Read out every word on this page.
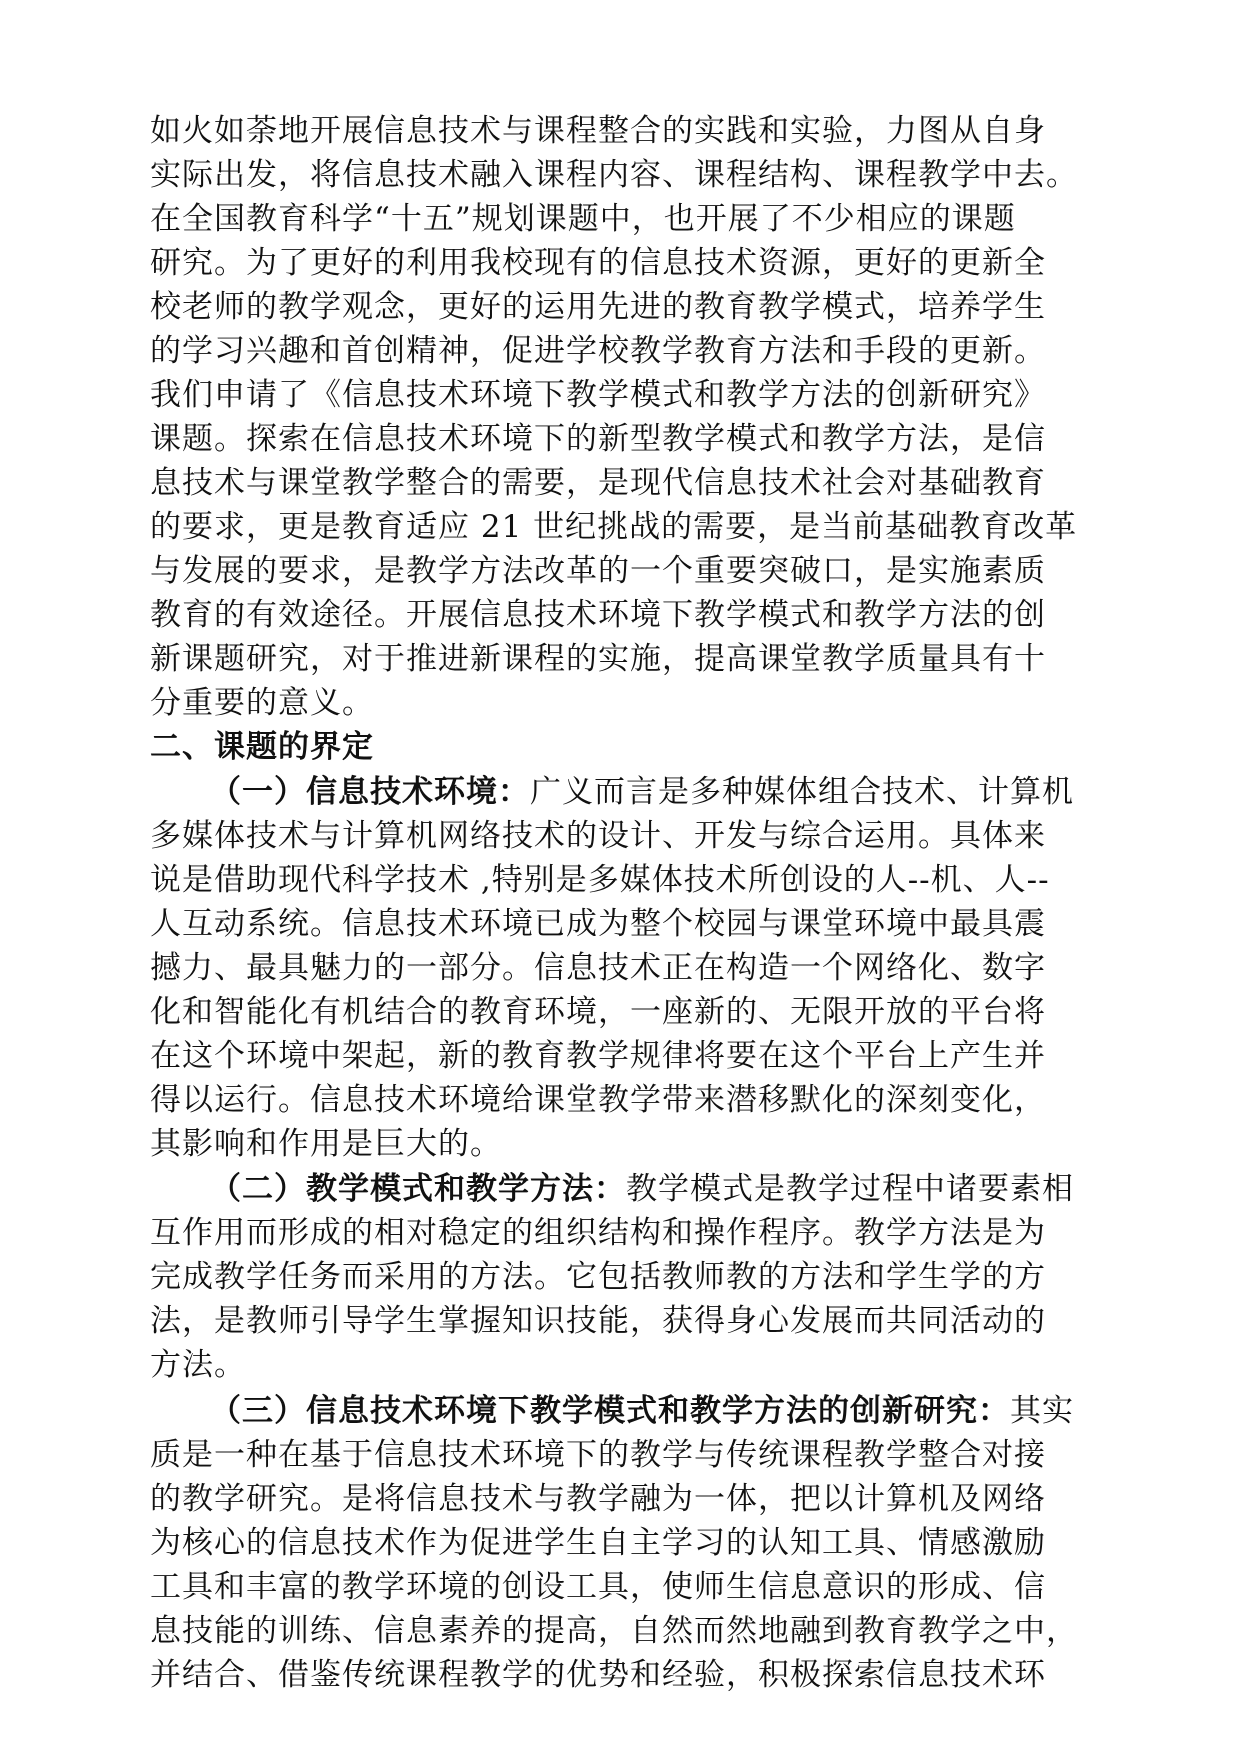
如火如荼地开展信息技术与课程整合的实践和实验，力图从自身
实际出发，将信息技术融入课程内容、课程结构、课程教学中去。
在全国教育科学“十五”规划课题中，也开展了不少相应的课题
研究。为了更好的利用我校现有的信息技术资源，更好的更新全
校老师的教学观念，更好的运用先进的教育教学模式，培养学生
的学习兴趣和首创精神，促进学校教学教育方法和手段的更新。
我们申请了《信息技术环境下教学模式和教学方法的创新研究》
课题。探索在信息技术环境下的新型教学模式和教学方法，是信
息技术与课堂教学整合的需要，是现代信息技术社会对基础教育
的要求，更是教育适应 21 世纪挑战的需要，是当前基础教育改革
与发展的要求，是教学方法改革的一个重要突破口，是实施素质
教育的有效途径。开展信息技术环境下教学模式和教学方法的创
新课题研究，对于推进新课程的实施，提高课堂教学质量具有十
分重要的意义。
二、课题的界定
（一）信息技术环境：广义而言是多种媒体组合技术、计算机
多媒体技术与计算机网络技术的设计、开发与综合运用。具体来
说是借助现代科学技术 ,特别是多媒体技术所创设的人--机、人--
人互动系统。信息技术环境已成为整个校园与课堂环境中最具震
撼力、最具魅力的一部分。信息技术正在构造一个网络化、数字
化和智能化有机结合的教育环境，一座新的、无限开放的平台将
在这个环境中架起，新的教育教学规律将要在这个平台上产生并
得以运行。信息技术环境给课堂教学带来潜移默化的深刻变化，
其影响和作用是巨大的。
（二）教学模式和教学方法：教学模式是教学过程中诸要素相
互作用而形成的相对稳定的组织结构和操作程序。教学方法是为
完成教学任务而采用的方法。它包括教师教的方法和学生学的方
法，是教师引导学生掌握知识技能，获得身心发展而共同活动的
方法。
（三）信息技术环境下教学模式和教学方法的创新研究：其实
质是一种在基于信息技术环境下的教学与传统课程教学整合对接
的教学研究。是将信息技术与教学融为一体，把以计算机及网络
为核心的信息技术作为促进学生自主学习的认知工具、情感激励
工具和丰富的教学环境的创设工具，使师生信息意识的形成、信
息技能的训练、信息素养的提高，自然而然地融到教育教学之中，
并结合、借鉴传统课程教学的优势和经验，积极探索信息技术环
